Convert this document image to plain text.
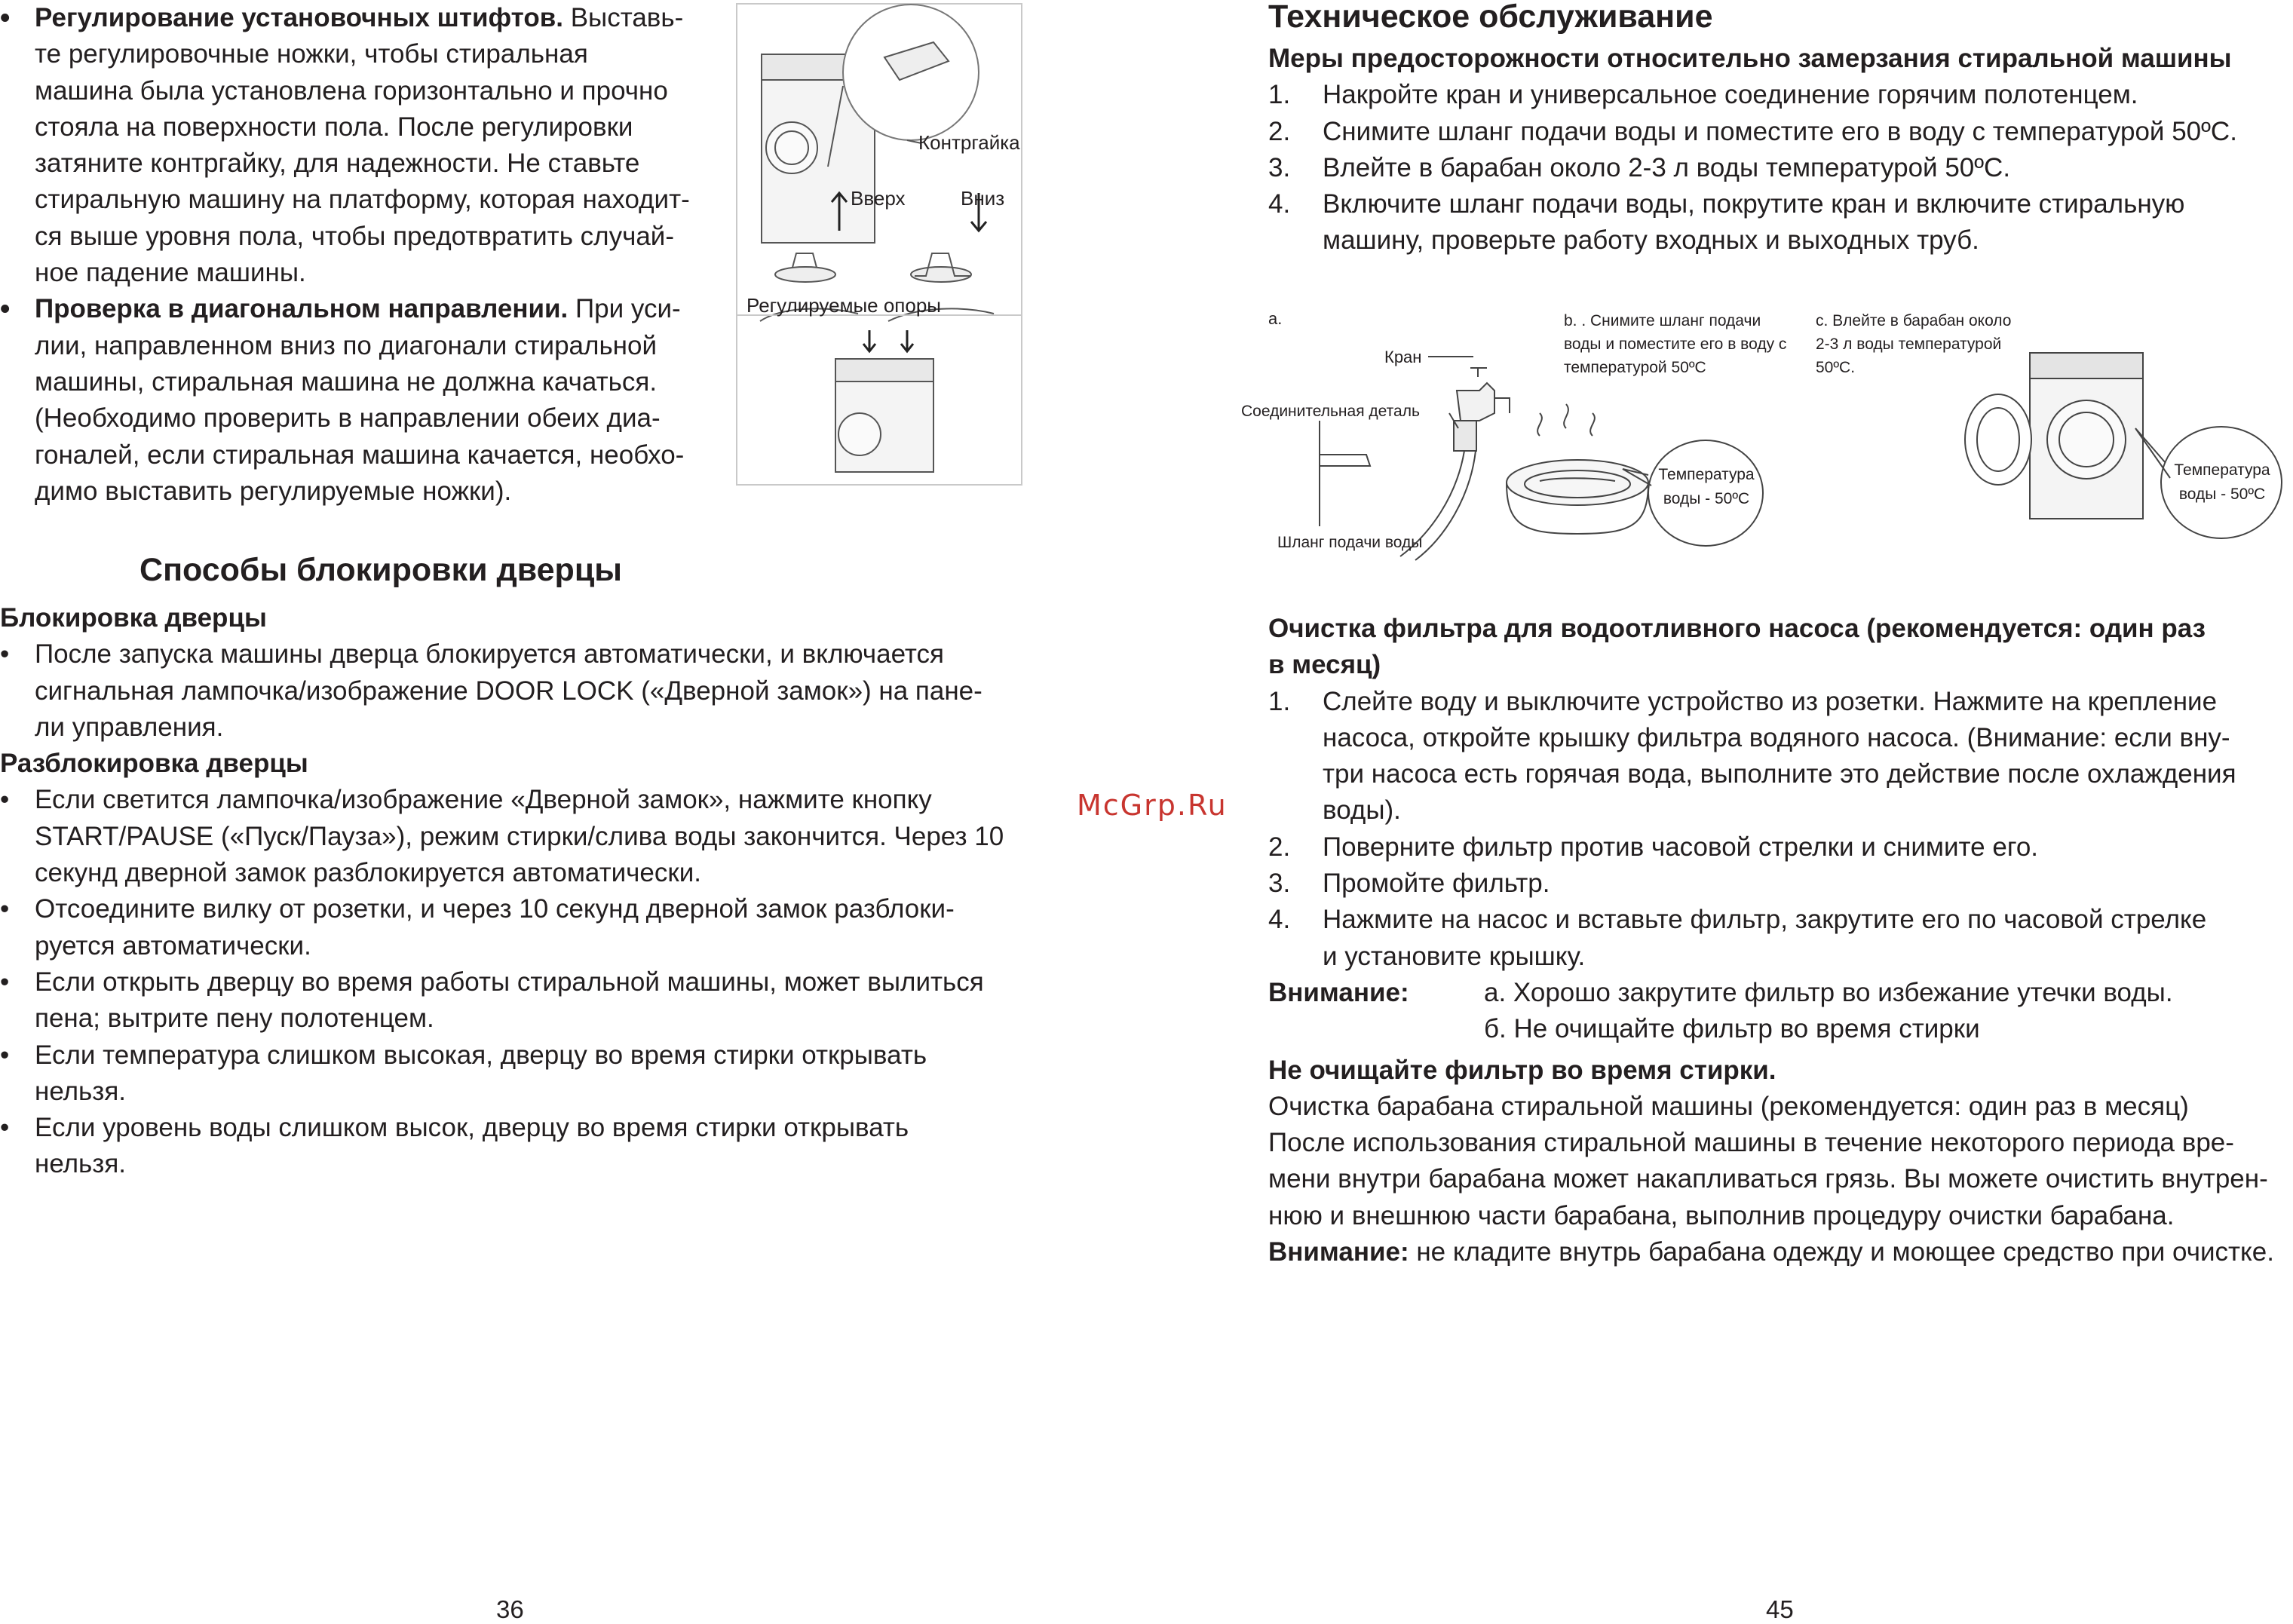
• Регулирование установочных штифтов. Выставь-
те регулировочные ножки, чтобы стиральная
машина была установлена горизонтально и прочно
стояла на поверхности пола. После регулировки
затяните контргайку, для надежности. Не ставьте
стиральную машину на платформу, которая находит-
ся выше уровня пола, чтобы предотвратить случай-
ное падение машины.
• Проверка в диагональном направлении. При уси-
лии, направленном вниз по диагонали стиральной
машины, стиральная машина не должна качаться.
(Необходимо проверить в направлении обеих диа-
гоналей, если стиральная машина качается, необхо-
димо выставить регулируемые ножки).
Контргайка
Вверх	Вниз
Регулируемые опоры
Способы блокировки дверцы
Блокировка дверцы
• После запуска машины дверца блокируется автоматически, и включается
сигнальная лампочка/изображение DOOR LOCK («Дверной замок») на пане-
ли управления.
Разблокировка дверцы
• Если светится лампочка/изображение «Дверной замок», нажмите кнопку
START/PAUSE («Пуск/Пауза»), режим стирки/слива воды закончится. Через 10
секунд дверной замок разблокируется автоматически.
• Отсоедините вилку от розетки, и через 10 секунд дверной замок разблоки-
руется автоматически.
• Если открыть дверцу во время работы стиральной машины, может вылиться
пена; вытрите пену полотенцем.
• Если температура слишком высокая, дверцу во время стирки открывать
нельзя.
• Если уровень воды слишком высок, дверцу во время стирки открывать
нельзя.
36
McGrp.Ru
Техническое обслуживание
Меры предосторожности относительно замерзания стиральной машины
1. Накройте кран и универсальное соединение горячим полотенцем.
2. Снимите шланг подачи воды и поместите его в воду с температурой 50ºС.
3. Влейте в барабан около 2-3 л воды температурой 50ºС.
4. Включите шланг подачи воды, покрутите кран и включите стиральную
машину, проверьте работу входных и выходных труб.
a.	b. . Снимите шланг подачи
воды и поместите его в воду с
температурой 50ºС
c. Влейте в барабан около
2-3 л воды температурой
50ºС.
Кран
Соединительная деталь
Шланг подачи воды
Температура
воды - 50ºС
Температура
воды - 50ºС
Очистка фильтра для водоотливного насоса (рекомендуется: один раз
в месяц)
1. Слейте воду и выключите устройство из розетки. Нажмите на крепление
насоса, откройте крышку фильтра водяного насоса. (Внимание: если вну-
три насоса есть горячая вода, выполните это действие после охлаждения
воды).
2. Поверните фильтр против часовой стрелки и снимите его.
3. Промойте фильтр.
4. Нажмите на насос и вставьте фильтр, закрутите его по часовой стрелке
и установите крышку.
Внимание:	а. Хорошо закрутите фильтр во избежание утечки воды.
б. Не очищайте фильтр во время стирки
Не очищайте фильтр во время стирки.

Очистка барабана стиральной машины (рекомендуется: один раз в месяц)
После использования стиральной машины в течение некоторого периода вре-
мени внутри барабана может накапливаться грязь. Вы можете очистить внутрен-
нюю и внешнюю части барабана, выполнив процедуру очистки барабана.
Внимание: не кладите внутрь барабана одежду и моющее средство при очистке.

45
